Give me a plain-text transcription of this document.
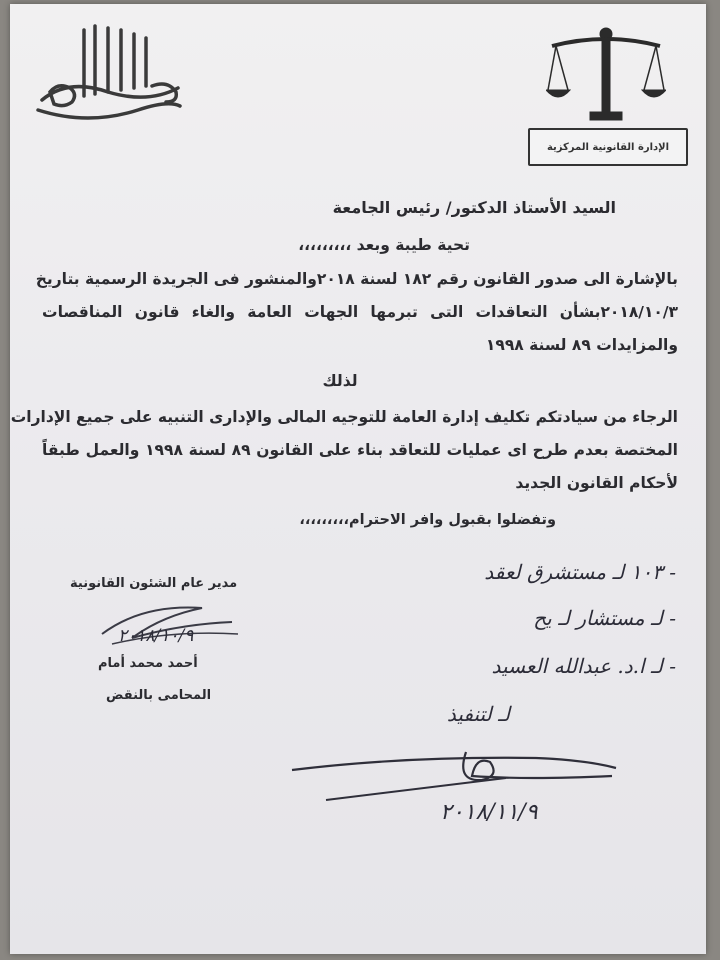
الإدارة القانونية المركزية
السيد الأستاذ الدكتور/ رئيس الجامعة
تحية طيبة وبعد ،،،،،،،،،
بالإشارة الى صدور القانون رقم ١٨٢ لسنة ٢٠١٨والمنشور فى الجريدة الرسمية بتاريخ
٢٠١٨/١٠/٣بشأن التعاقدات التى تبرمها الجهات العامة والغاء قانون المناقصات
والمزايدات ٨٩ لسنة ١٩٩٨
لذلك
الرجاء من سيادتكم تكليف إدارة العامة للتوجيه المالى والإدارى التنبيه على جميع الإدارات
المختصة بعدم طرح اى عمليات للتعاقد بناء على القانون ٨٩ لسنة ١٩٩٨ والعمل طبقاً
لأحكام القانون الجديد
وتفضلوا بقبول وافر الاحترام،،،،،،،،،
مدير عام الشئون القانونية
٢٠١٨/١٠/٩
أحمد محمد أمام
المحامى بالنقض
- ١٠٣ لـ مستشرق لعقد
- لـ مستشار لـ يح
- لـ ا.د. عبدالله العسيد
لـ لتنفيذ
٢٠١٨/١١/٩
